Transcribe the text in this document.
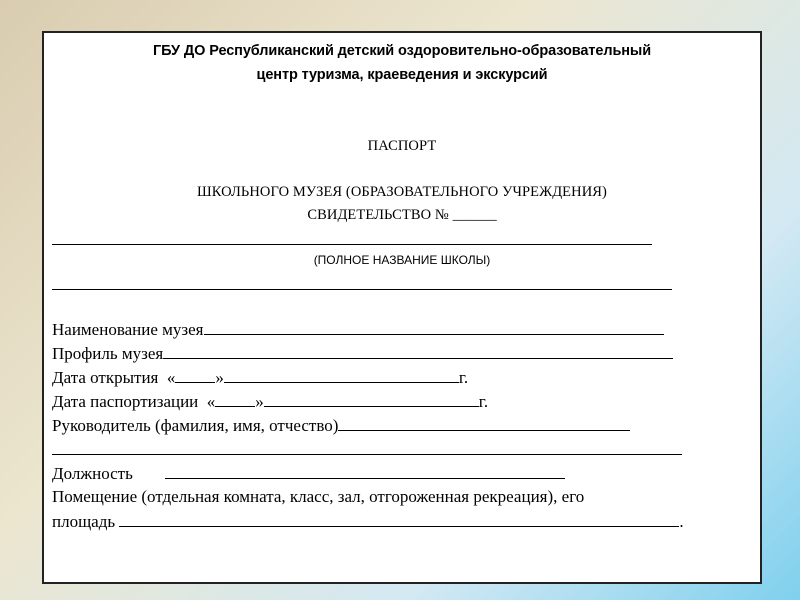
ГБУ ДО Республиканский детский оздоровительно-образовательный
центр туризма, краеведения и экскурсий
ПАСПОРТ
ШКОЛЬНОГО МУЗЕЯ (ОБРАЗОВАТЕЛЬНОГО УЧРЕЖДЕНИЯ)
СВИДЕТЕЛЬСТВО № ______
(ПОЛНОЕ НАЗВАНИЕ ШКОЛЫ)
Наименование музея
Профиль музея
Дата открытия « »	г.
Дата паспортизации « »	г.
Руководитель (фамилия, имя, отчество)
Должность
Помещение (отдельная комната, класс, зал, отгороженная рекреация), его
площадь	.
